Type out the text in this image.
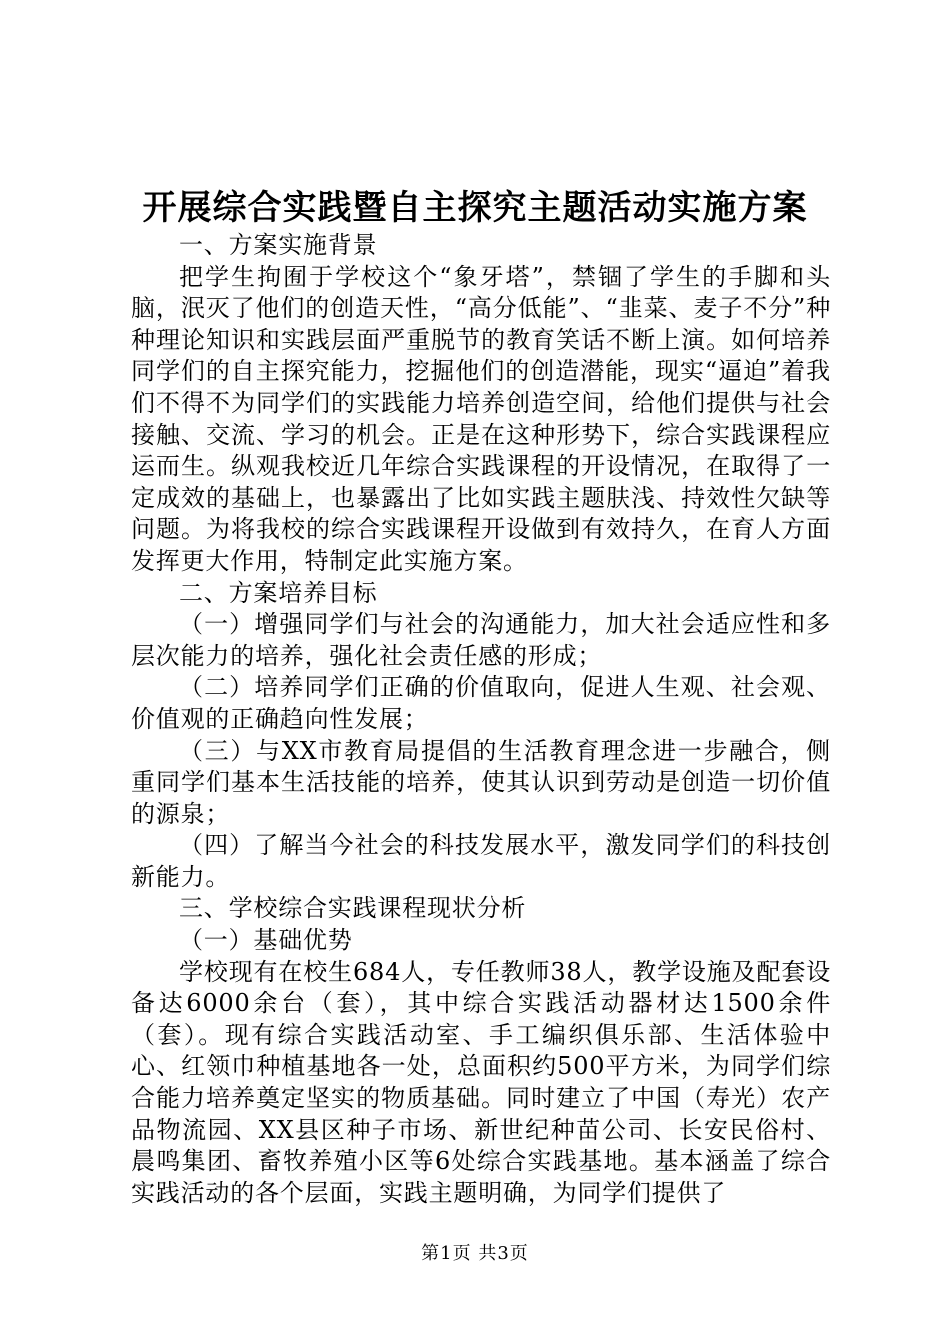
开展综合实践暨自主探究主题活动实施方案

一、方案实施背景

把学生拘囿于学校这个“象牙塔”，禁锢了学生的手脚和头脑，泯灭了他们的创造天性，“高分低能”、“韭菜、麦子不分”种种理论知识和实践层面严重脱节的教育笑话不断上演。如何培养同学们的自主探究能力，挖掘他们的创造潜能，现实“逼迫”着我们不得不为同学们的实践能力培养创造空间，给他们提供与社会接触、交流、学习的机会。正是在这种形势下，综合实践课程应运而生。纵观我校近几年综合实践课程的开设情况，在取得了一定成效的基础上，也暴露出了比如实践主题肤浅、持效性欠缺等问题。为将我校的综合实践课程开设做到有效持久，在育人方面发挥更大作用，特制定此实施方案。

二、方案培养目标

（一）增强同学们与社会的沟通能力，加大社会适应性和多层次能力的培养，强化社会责任感的形成；

（二）培养同学们正确的价值取向，促进人生观、社会观、价值观的正确趋向性发展；

（三）与XX市教育局提倡的生活教育理念进一步融合，侧重同学们基本生活技能的培养，使其认识到劳动是创造一切价值的源泉；

（四）了解当今社会的科技发展水平，激发同学们的科技创新能力。

三、学校综合实践课程现状分析

（一）基础优势

学校现有在校生684人，专任教师38人，教学设施及配套设备达6000余台（套），其中综合实践活动器材达1500余件（套）。现有综合实践活动室、手工编织俱乐部、生活体验中心、红领巾种植基地各一处，总面积约500平方米，为同学们综合能力培养奠定坚实的物质基础。同时建立了中国（寿光）农产品物流园、XX县区种子市场、新世纪种苗公司、长安民俗村、晨鸣集团、畜牧养殖小区等6处综合实践基地。基本涵盖了综合实践活动的各个层面，实践主题明确，为同学们提供了

第1页 共3页
